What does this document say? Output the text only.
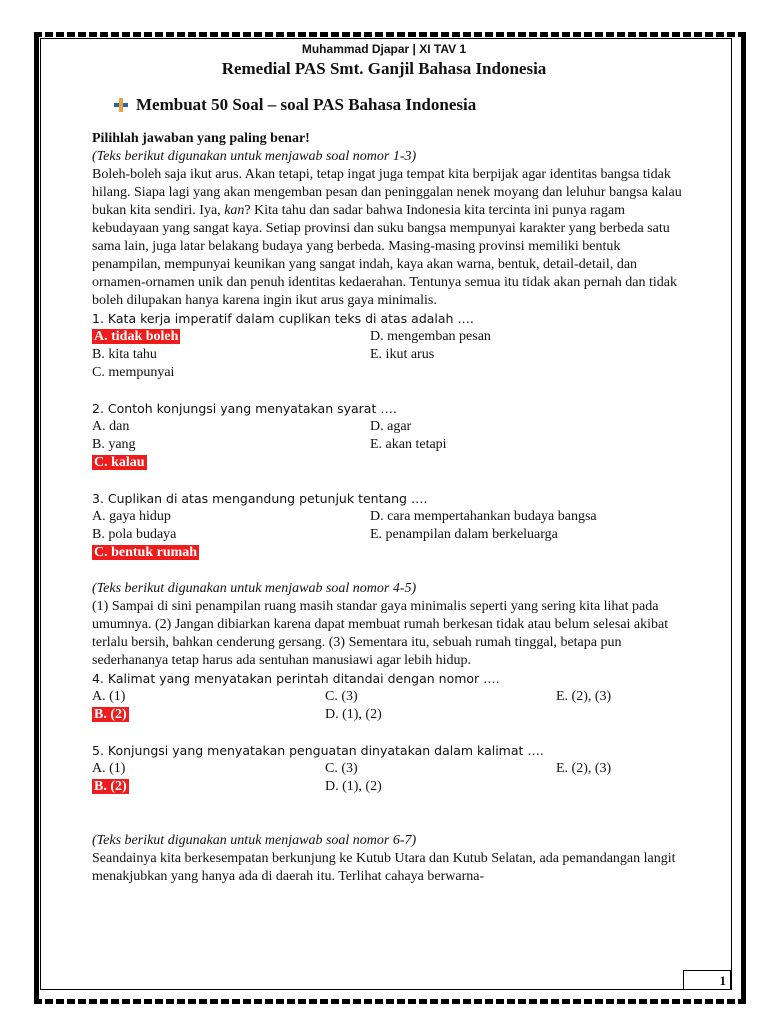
Muhammad Djapar | XI TAV 1
Remedial PAS Smt. Ganjil Bahasa Indonesia
Membuat 50 Soal – soal PAS Bahasa Indonesia
Pilihlah jawaban yang paling benar!
(Teks berikut digunakan untuk menjawab soal nomor 1-3)

Boleh-boleh saja ikut arus. Akan tetapi, tetap ingat juga tempat kita berpijak agar identitas bangsa tidak hilang. Siapa lagi yang akan mengemban pesan dan peninggalan nenek moyang dan leluhur bangsa kalau bukan kita sendiri. Iya, kan? Kita tahu dan sadar bahwa Indonesia kita tercinta ini punya ragam kebudayaan yang sangat kaya. Setiap provinsi dan suku bangsa mempunyai karakter yang berbeda satu sama lain, juga latar belakang budaya yang berbeda. Masing-masing provinsi memiliki bentuk penampilan, mempunyai keunikan yang sangat indah, kaya akan warna, bentuk, detail-detail, dan ornamen-ornamen unik dan penuh identitas kedaerahan. Tentunya semua itu tidak akan pernah dan tidak boleh dilupakan hanya karena ingin ikut arus gaya minimalis.

1. Kata kerja imperatif dalam cuplikan teks di atas adalah ….
A. tidak boleh	D. mengemban pesan
B. kita tahu	E. ikut arus
C. mempunyai
2. Contoh konjungsi yang menyatakan syarat ….
A. dan	D. agar
B. yang	E. akan tetapi
C. kalau
3. Cuplikan di atas mengandung petunjuk tentang ….
A. gaya hidup	D. cara mempertahankan budaya bangsa
B. pola budaya	E. penampilan dalam berkeluarga
C. bentuk rumah
(Teks berikut digunakan untuk menjawab soal nomor 4-5)

(1) Sampai di sini penampilan ruang masih standar gaya minimalis seperti yang sering kita lihat pada umumnya. (2) Jangan dibiarkan karena dapat membuat rumah berkesan tidak atau belum selesai akibat terlalu bersih, bahkan cenderung gersang. (3) Sementara itu, sebuah rumah tinggal, betapa pun sederhananya tetap harus ada sentuhan manusiawi agar lebih hidup.

4. Kalimat yang menyatakan perintah ditandai dengan nomor ….
A. (1)	C. (3)	E. (2), (3)
B. (2)	D. (1), (2)
5. Konjungsi yang menyatakan penguatan dinyatakan dalam kalimat ….
A. (1)	C. (3)	E. (2), (3)
B. (2)	D. (1), (2)
(Teks berikut digunakan untuk menjawab soal nomor 6-7)

Seandainya kita berkesempatan berkunjung ke Kutub Utara dan Kutub Selatan, ada pemandangan langit menakjubkan yang hanya ada di daerah itu. Terlihat cahaya berwarna-

1
